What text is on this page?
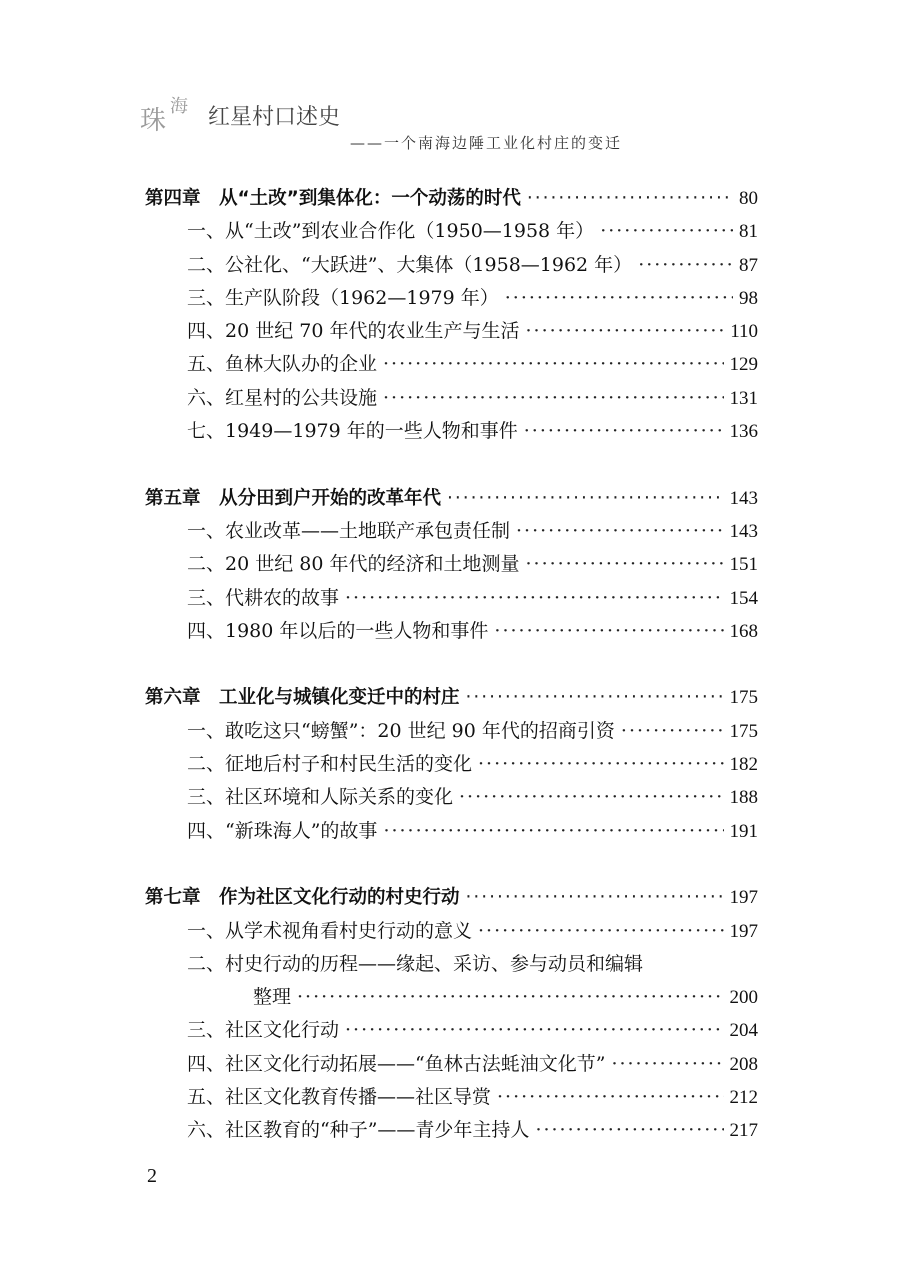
珠 海 红星村口述史
——一个南海边陲工业化村庄的变迁
第四章　从“土改”到集体化：一个动荡的时代 ·····	80
一、从“土改”到农业合作化（1950—1958 年） ·····	81
二、公社化、“大跃进”、大集体（1958—1962 年） ·····	87
三、生产队阶段（1962—1979 年） ·····	98
四、20 世纪 70 年代的农业生产与生活 ·····	110
五、鱼林大队办的企业 ·····	129
六、红星村的公共设施 ·····	131
七、1949—1979 年的一些人物和事件 ·····	136
第五章　从分田到户开始的改革年代 ·····	143
一、农业改革——土地联产承包责任制 ·····	143
二、20 世纪 80 年代的经济和土地测量 ·····	151
三、代耕农的故事 ·····	154
四、1980 年以后的一些人物和事件 ·····	168
第六章　工业化与城镇化变迁中的村庄 ·····	175
一、敢吃这只“螃蟹”：20 世纪 90 年代的招商引资 ·····	175
二、征地后村子和村民生活的变化 ·····	182
三、社区环境和人际关系的变化 ·····	188
四、“新珠海人”的故事 ·····	191
第七章　作为社区文化行动的村史行动 ·····	197
一、从学术视角看村史行动的意义 ·····	197
二、村史行动的历程——缘起、采访、参与动员和编辑
整理 ·····	200
三、社区文化行动 ·····	204
四、社区文化行动拓展——“鱼林古法蚝油文化节” ·····	208
五、社区文化教育传播——社区导赏 ·····	212
六、社区教育的“种子”——青少年主持人 ·····	217
2
